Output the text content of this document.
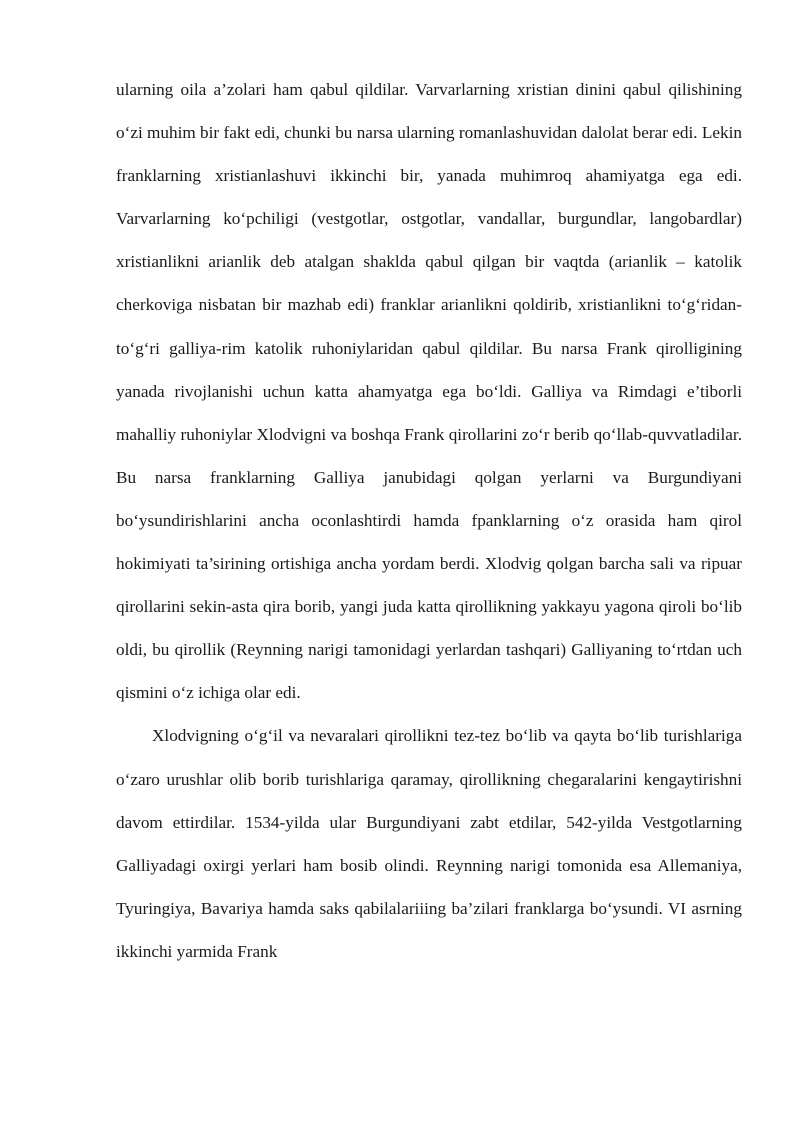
ularning oila a’zolari ham qabul qildilar. Varvarlarning xristian dinini qabul qilishining o‘zi muhim bir fakt edi, chunki bu narsa ularning romanlashuvidan dalolat berar edi. Lekin franklarning xristianlashuvi ikkinchi bir, yanada muhimroq ahamiyatga ega edi. Varvarlarning ko‘pchiligi (vestgotlar, ostgotlar, vandallar, burgundlar, langobardlar) xristianlikni arianlik deb atalgan shaklda qabul qilgan bir vaqtda (arianlik – katolik cherkoviga nisbatan bir mazhab edi) franklar arianlikni qoldirib, xristianlikni to‘g‘ridan-to‘g‘ri galliya-rim katolik ruhoniylaridan qabul qildilar. Bu narsa Frank qirolligining yanada rivojlanishi uchun katta ahamyatga ega bo‘ldi. Galliya va Rimdagi e’tiborli mahalliy ruhoniylar Xlodvigni va boshqa Frank qirollarini zo‘r berib qo‘llab-quvvatladilar. Bu narsa franklarning Galliya janubidagi qolgan yerlarni va Burgundiyani bo‘ysundirishlarini ancha oconlashtirdi hamda fpanklarning o‘z orasida ham qirol hokimiyati ta’sirining ortishiga ancha yordam berdi. Xlodvig qolgan barcha sali va ripuar qirollarini sekin-asta qira borib, yangi juda katta qirollikning yakkayu yagona qiroli bo‘lib oldi, bu qirollik (Reynning narigi tamonidagi yerlardan tashqari) Galliyaning to‘rtdan uch qismini o‘z ichiga olar edi.

Xlodvigning o‘g‘il va nevaralari qirollikni tez-tez bo‘lib va qayta bo‘lib turishlariga o‘zaro urushlar olib borib turishlariga qaramay, qirollikning chegaralarini kengaytirishni davom ettirdilar. 1534-yilda ular Burgundiyani zabt etdilar, 542-yilda Vestgotlarning Galliyadagi oxirgi yerlari ham bosib olindi. Reynning narigi tomonida esa Allemaniya, Tyuringiya, Bavariya hamda saks qabilalariiing ba’zilari franklarga bo‘ysundi. VI asrning ikkinchi yarmida Frank
